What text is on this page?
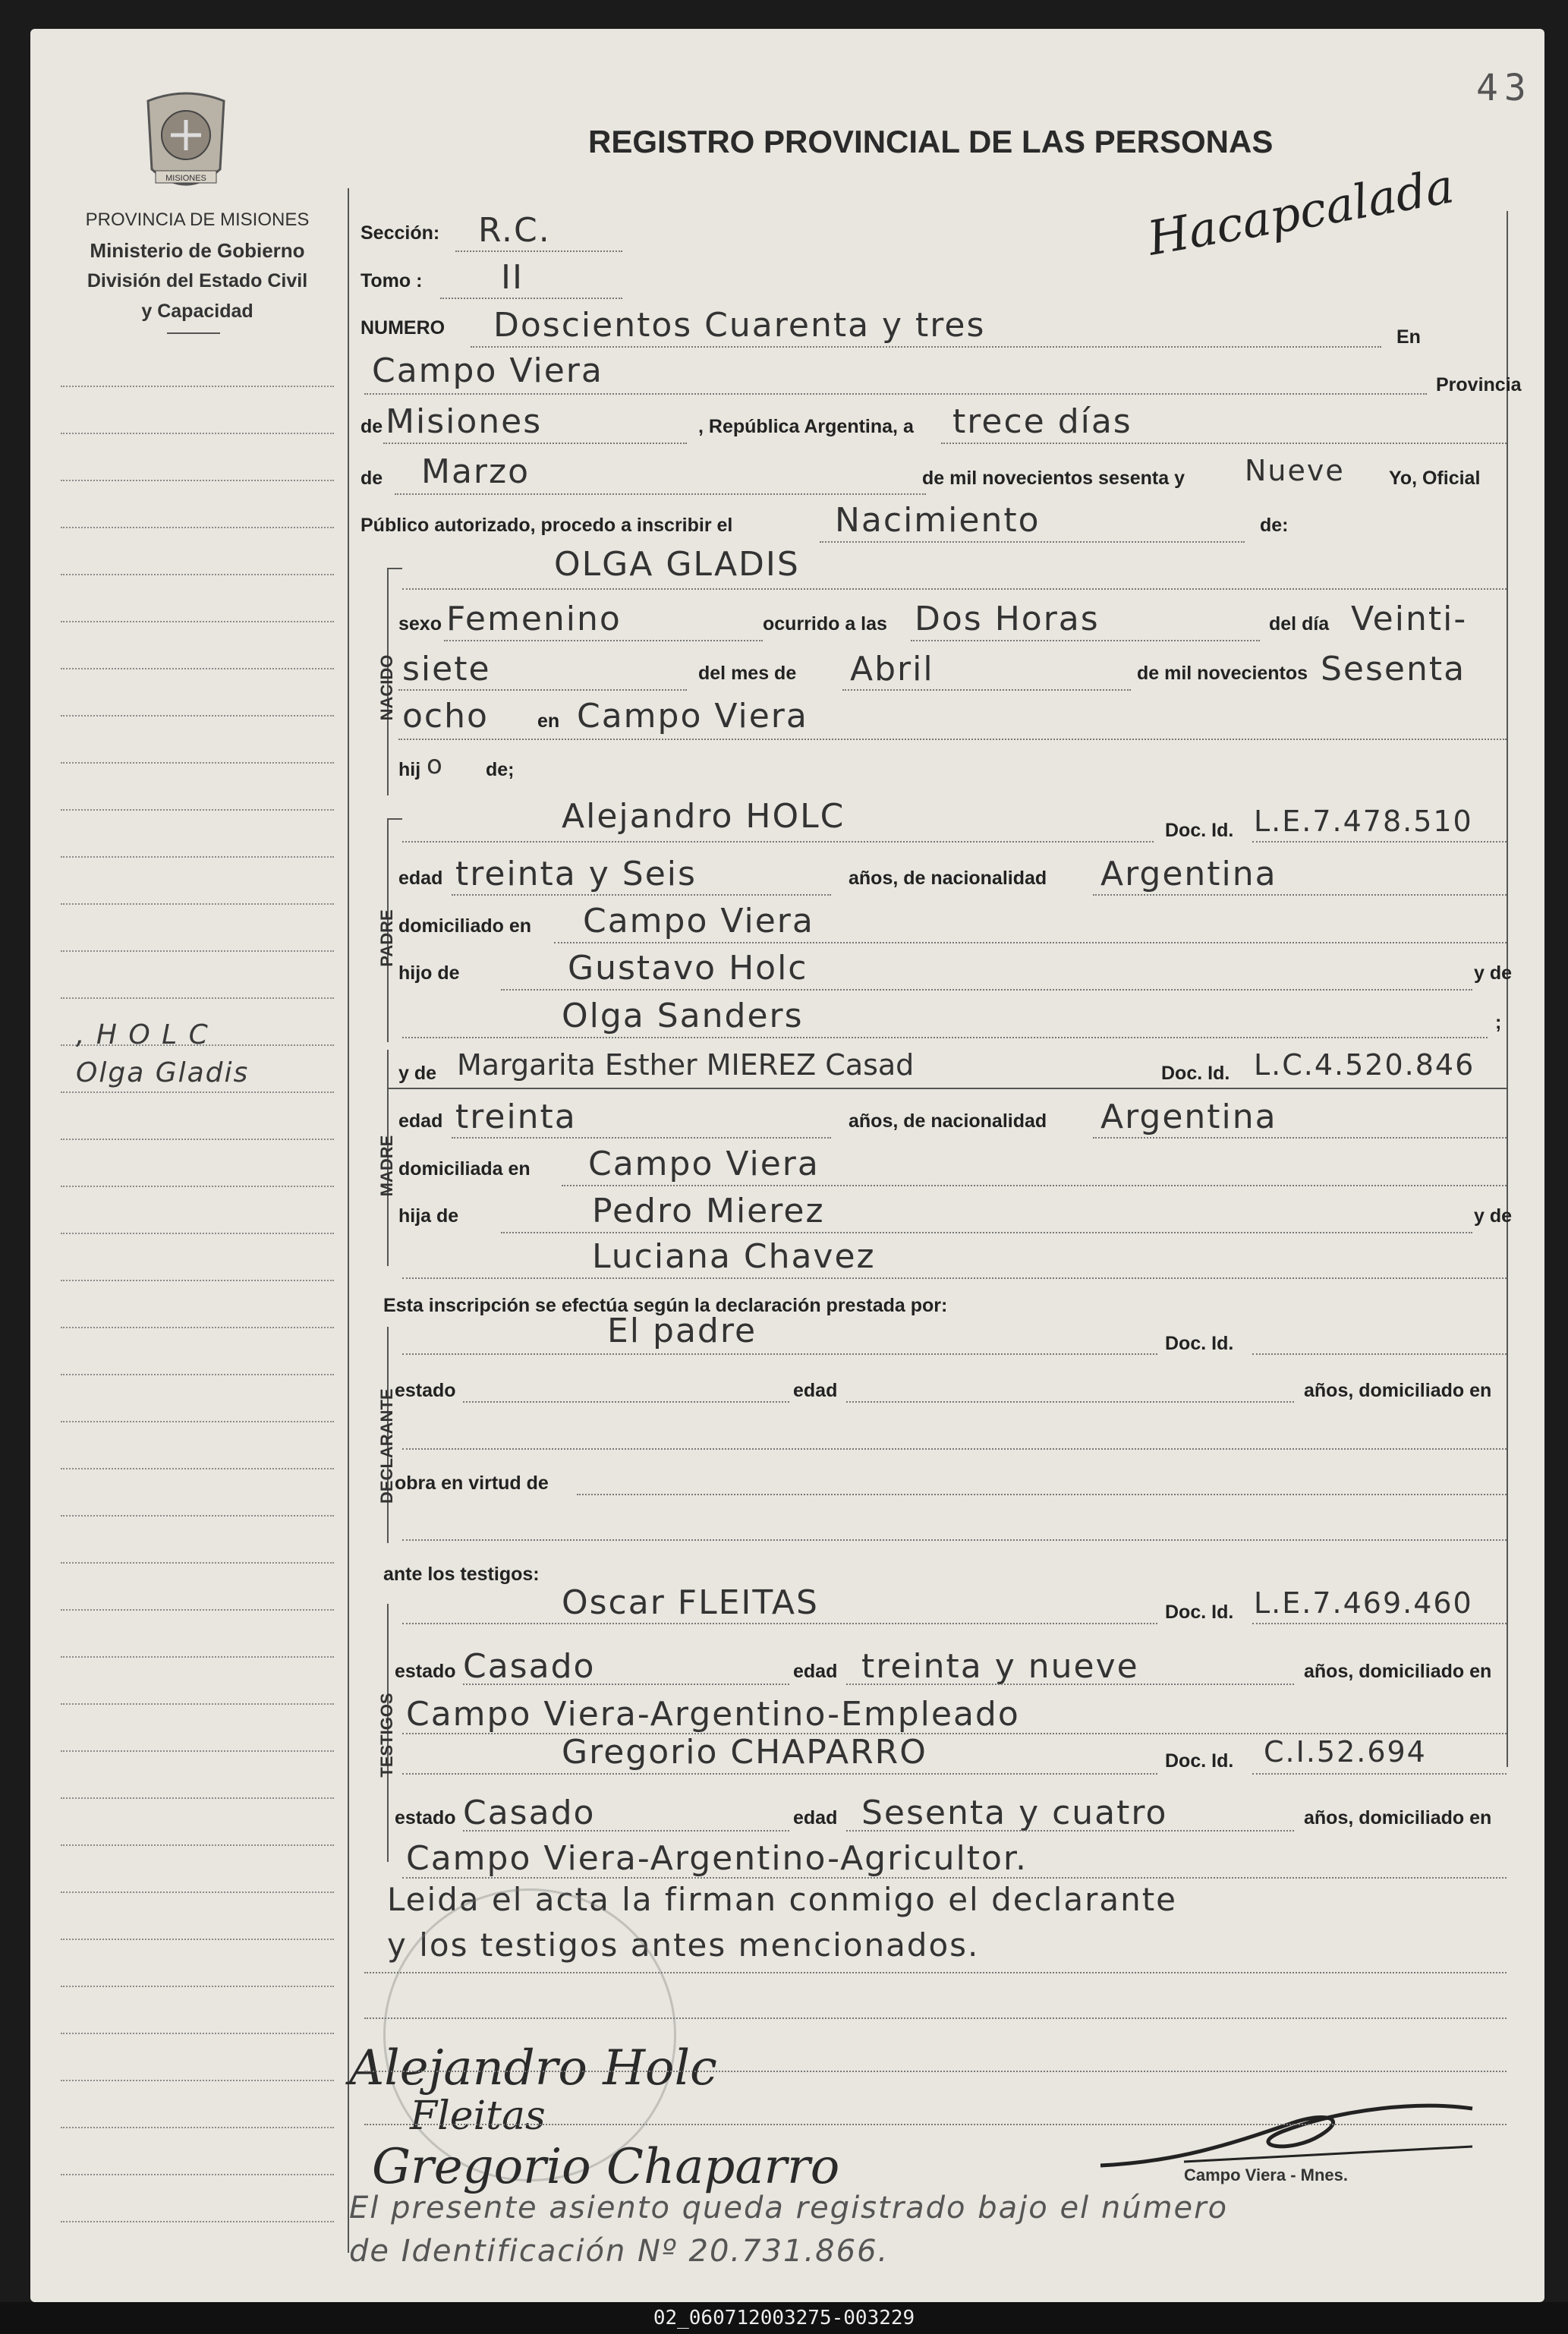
43
MISIONES
PROVINCIA DE MISIONES
Ministerio de Gobierno
División del Estado Civil
y Capacidad
REGISTRO PROVINCIAL DE LAS PERSONAS
Hacapcalada
, H O L C
Olga Gladis
Sección: R.C.
Tomo : II
NUMERO Doscientos Cuarenta y tres	En
Campo Viera	Provincia
de Misiones	, República Argentina, a trece días
de Marzo	de mil novecientos sesenta y Nueve Yo, Oficial
Público autorizado, procedo a inscribir el	Nacimiento	de:
NACIDO
OLGA GLADIS
sexo Femenino	ocurrido a las Dos Horas	del día Veinti-
siete	del mes de Abril	de mil novecientos Sesenta
ocho	en Campo Viera
hij o de;
PADRE
Alejandro HOLC	Doc. Id. L.E.7.478.510
edad treinta y Seis	años, de nacionalidad Argentina
domiciliado en Campo Viera
hijo de	Gustavo Holc	y de
Olga Sanders	;
MADRE
y de Margarita Esther MIEREZ Casad	Doc. Id. L.C.4.520.846
edad treinta	años, de nacionalidad Argentina
domiciliada en Campo Viera
hija de	Pedro Mierez	y de
Luciana Chavez
Esta inscripción se efectúa según la declaración prestada por:
DECLARANTE
El padre	Doc. Id.
estado	edad	años, domiciliado en
obra en virtud de
ante los testigos:
TESTIGOS
Oscar FLEITAS	Doc. Id. L.E.7.469.460
estado Casado	edad treinta y nueve	años, domiciliado en
Campo Viera-Argentino-Empleado
Gregorio CHAPARRO	Doc. Id. C.I.52.694
estado Casado	edad Sesenta y cuatro	años, domiciliado en
Campo Viera-Argentino-Agricultor.
Leida el acta la firman conmigo el declarante
y los testigos antes mencionados.
Alejandro Holc
Fleitas
Gregorio Chaparro	Campo Viera - Mnes.
El presente asiento queda registrado bajo el número
de Identificación Nº 20.731.866.
02_060712003275-003229
